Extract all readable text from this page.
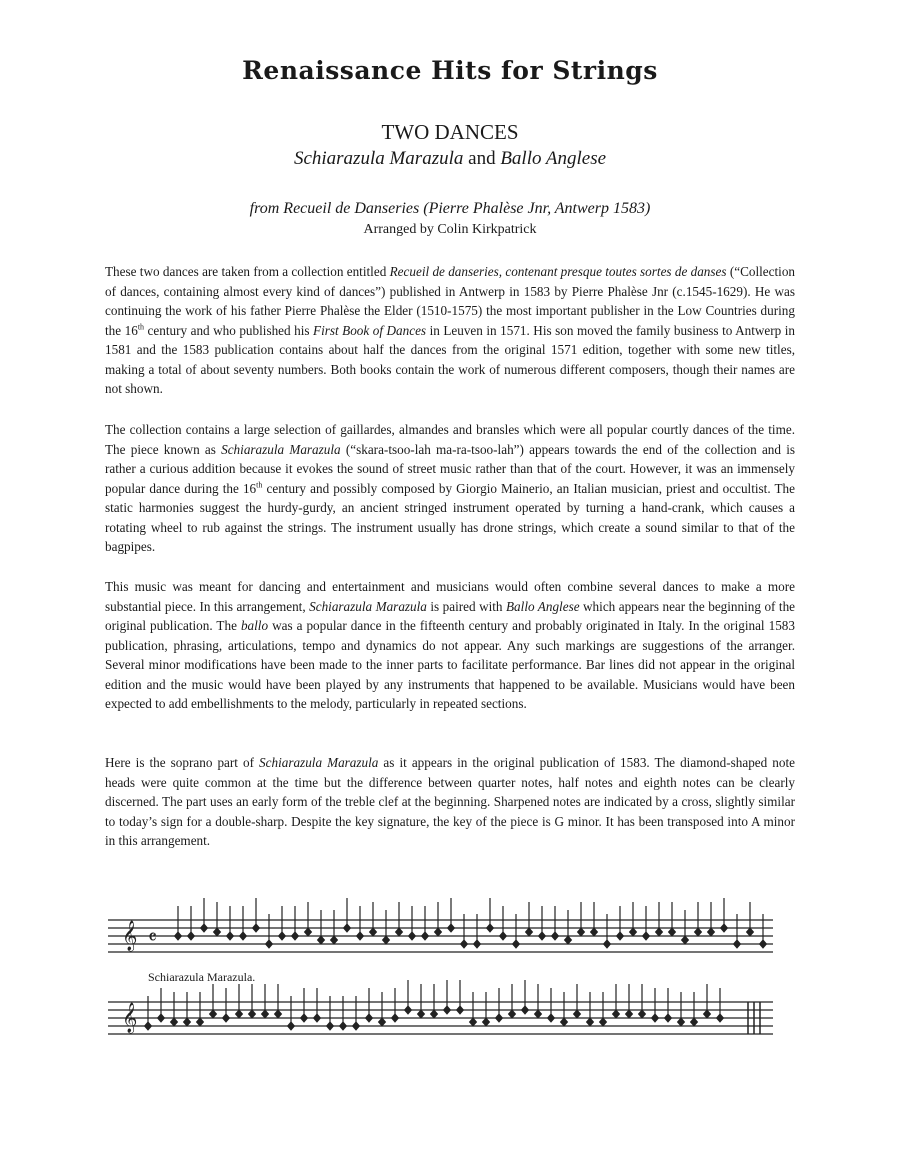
Renaissance Hits for Strings
TWO DANCES
Schiarazula Marazula and Ballo Anglese
from Recueil de Danseries (Pierre Phalèse Jnr, Antwerp 1583)
Arranged by Colin Kirkpatrick

These two dances are taken from a collection entitled Recueil de danseries, contenant presque toutes sortes de danses (“Collection of dances, containing almost every kind of dances”) published in Antwerp in 1583 by Pierre Phalèse Jnr (c.1545-1629). He was continuing the work of his father Pierre Phalèse the Elder (1510-1575) the most important publisher in the Low Countries during the 16th century and who published his First Book of Dances in Leuven in 1571. His son moved the family business to Antwerp in 1581 and the 1583 publication contains about half the dances from the original 1571 edition, together with some new titles, making a total of about seventy numbers. Both books contain the work of numerous different composers, though their names are not shown.

The collection contains a large selection of gaillardes, almandes and bransles which were all popular courtly dances of the time. The piece known as Schiarazula Marazula (“skara-tsoo-lah ma-ra-tsoo-lah”) appears towards the end of the collection and is rather a curious addition because it evokes the sound of street music rather than that of the court. However, it was an immensely popular dance during the 16th century and possibly composed by Giorgio Mainerio, an Italian musician, priest and occultist. The static harmonies suggest the hurdy-gurdy, an ancient stringed instrument operated by turning a hand-crank, which causes a rotating wheel to rub against the strings. The instrument usually has drone strings, which create a sound similar to that of the bagpipes.

This music was meant for dancing and entertainment and musicians would often combine several dances to make a more substantial piece. In this arrangement, Schiarazula Marazula is paired with Ballo Anglese which appears near the beginning of the original publication. The ballo was a popular dance in the fifteenth century and probably originated in Italy. In the original 1583 publication, phrasing, articulations, tempo and dynamics do not appear. Any such markings are suggestions of the arranger. Several minor modifications have been made to the inner parts to facilitate performance. Bar lines did not appear in the original edition and the music would have been played by any instruments that happened to be available. Musicians would have been expected to add embellishments to the melody, particularly in repeated sections.

Here is the soprano part of Schiarazula Marazula as it appears in the original publication of 1583. The diamond-shaped note heads were quite common at the time but the difference between quarter notes, half notes and eighth notes can be clearly discerned. The part uses an early form of the treble clef at the beginning. Sharpened notes are indicated by a cross, slightly similar to today’s sign for a double-sharp. Despite the key signature, the key of the piece is G minor. It has been transposed into A minor in this arrangement.

𝄞 𝄴
𝄞
Schiarazula Marazula.
